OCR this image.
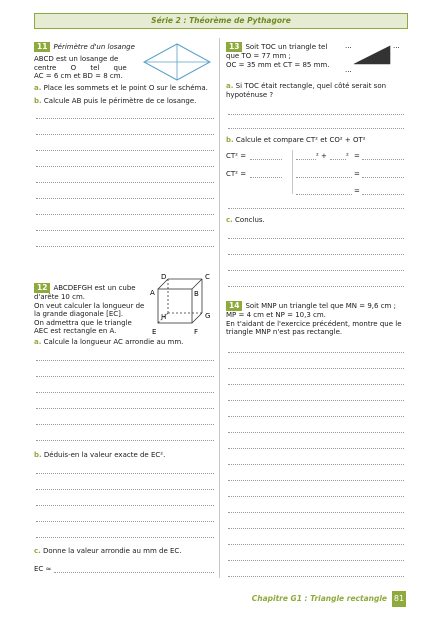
Série 2 : Théorème de Pythagore
11 Périmètre d'un losange
ABCD est un losange de
centre O tel que
AC = 6 cm et BD = 8 cm.
a. Place les sommets et le point O sur le schéma.
b. Calcule AB puis le périmètre de ce losange.
12 ABCDEFGH est un cube
d'arête 10 cm.
On veut calculer la longueur de
la grande diagonale [EC].
On admettra que le triangle
AEC est rectangle en A.
D	C
A	B
H	G
E	F
a. Calcule la longueur AC arrondie au mm.
b. Déduis-en la valeur exacte de EC².
c. Donne la valeur arrondie au mm de EC.
EC ≈
13 Soit TOC un triangle tel
que TO = 77 mm ;
OC = 35 mm et CT = 85 mm.
...	...
...
a. Si TOC était rectangle, quel côté serait son
hypoténuse ?
b. Calcule et compare CT² et CO² + OT²
CT² =
CT² =
² +	² =
=
=
c. Conclus.
14 Soit MNP un triangle tel que MN = 9,6 cm ;
MP = 4 cm et NP = 10,3 cm.
En t'aidant de l'exercice précédent, montre que le
triangle MNP n'est pas rectangle.
Chapitre G1 : Triangle rectangle 81
